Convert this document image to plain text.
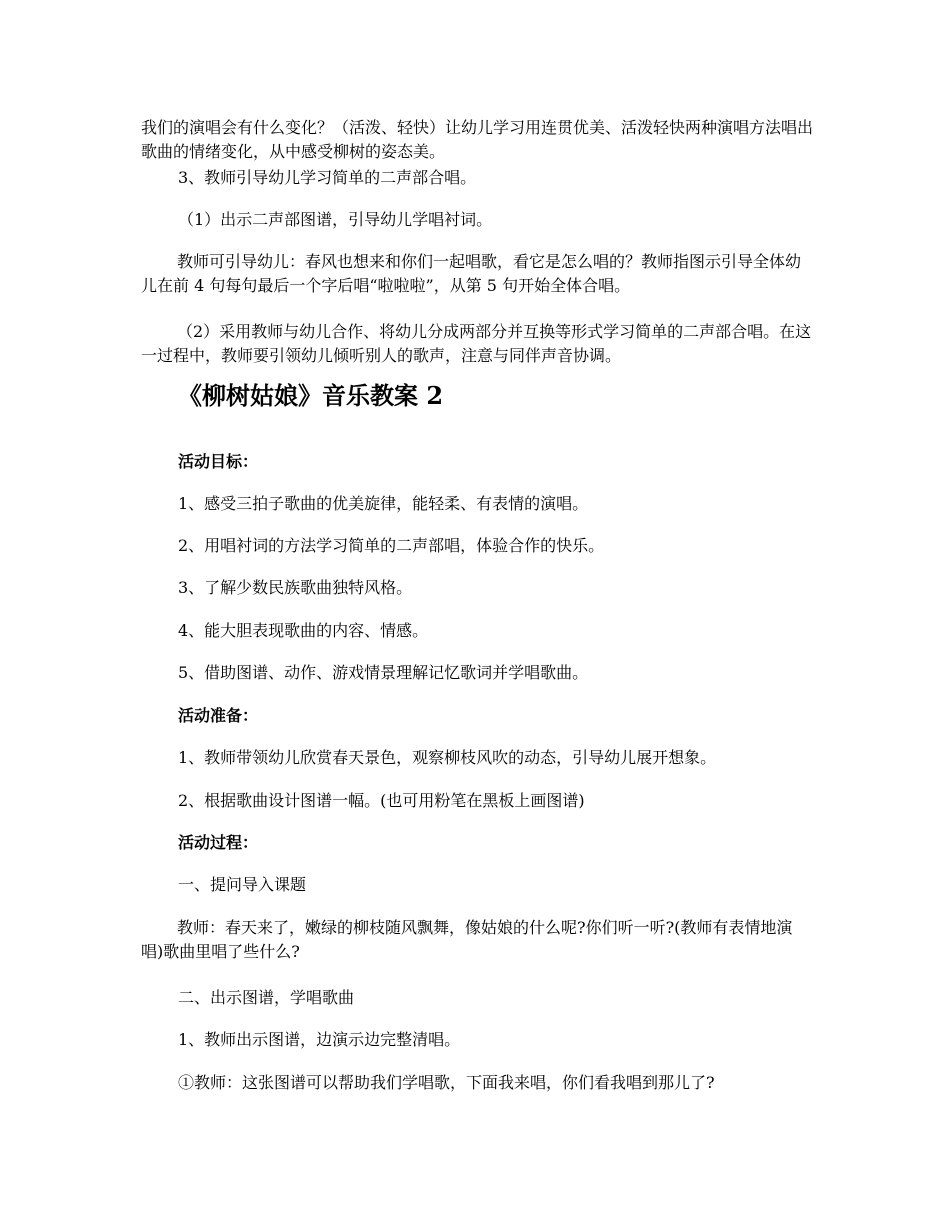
我们的演唱会有什么变化？（活泼、轻快）让幼儿学习用连贯优美、活泼轻快两种演唱方法唱出歌曲的情绪变化，从中感受柳树的姿态美。

3、教师引导幼儿学习简单的二声部合唱。

（1）出示二声部图谱，引导幼儿学唱衬词。

教师可引导幼儿：春风也想来和你们一起唱歌，看它是怎么唱的？教师指图示引导全体幼儿在前 4 句每句最后一个字后唱“啦啦啦”，从第 5 句开始全体合唱。

（2）采用教师与幼儿合作、将幼儿分成两部分并互换等形式学习简单的二声部合唱。在这一过程中，教师要引领幼儿倾听别人的歌声，注意与同伴声音协调。

《柳树姑娘》音乐教案 2

活动目标：

1、感受三拍子歌曲的优美旋律，能轻柔、有表情的演唱。

2、用唱衬词的方法学习简单的二声部唱，体验合作的快乐。

3、了解少数民族歌曲独特风格。

4、能大胆表现歌曲的内容、情感。

5、借助图谱、动作、游戏情景理解记忆歌词并学唱歌曲。

活动准备：

1、教师带领幼儿欣赏春天景色，观察柳枝风吹的动态，引导幼儿展开想象。

2、根据歌曲设计图谱一幅。(也可用粉笔在黑板上画图谱)

活动过程：

一、提问导入课题

教师：春天来了，嫩绿的柳枝随风飘舞，像姑娘的什么呢?你们听一听?(教师有表情地演唱)歌曲里唱了些什么?

二、出示图谱，学唱歌曲

1、教师出示图谱，边演示边完整清唱。

①教师：这张图谱可以帮助我们学唱歌，下面我来唱，你们看我唱到那儿了?
